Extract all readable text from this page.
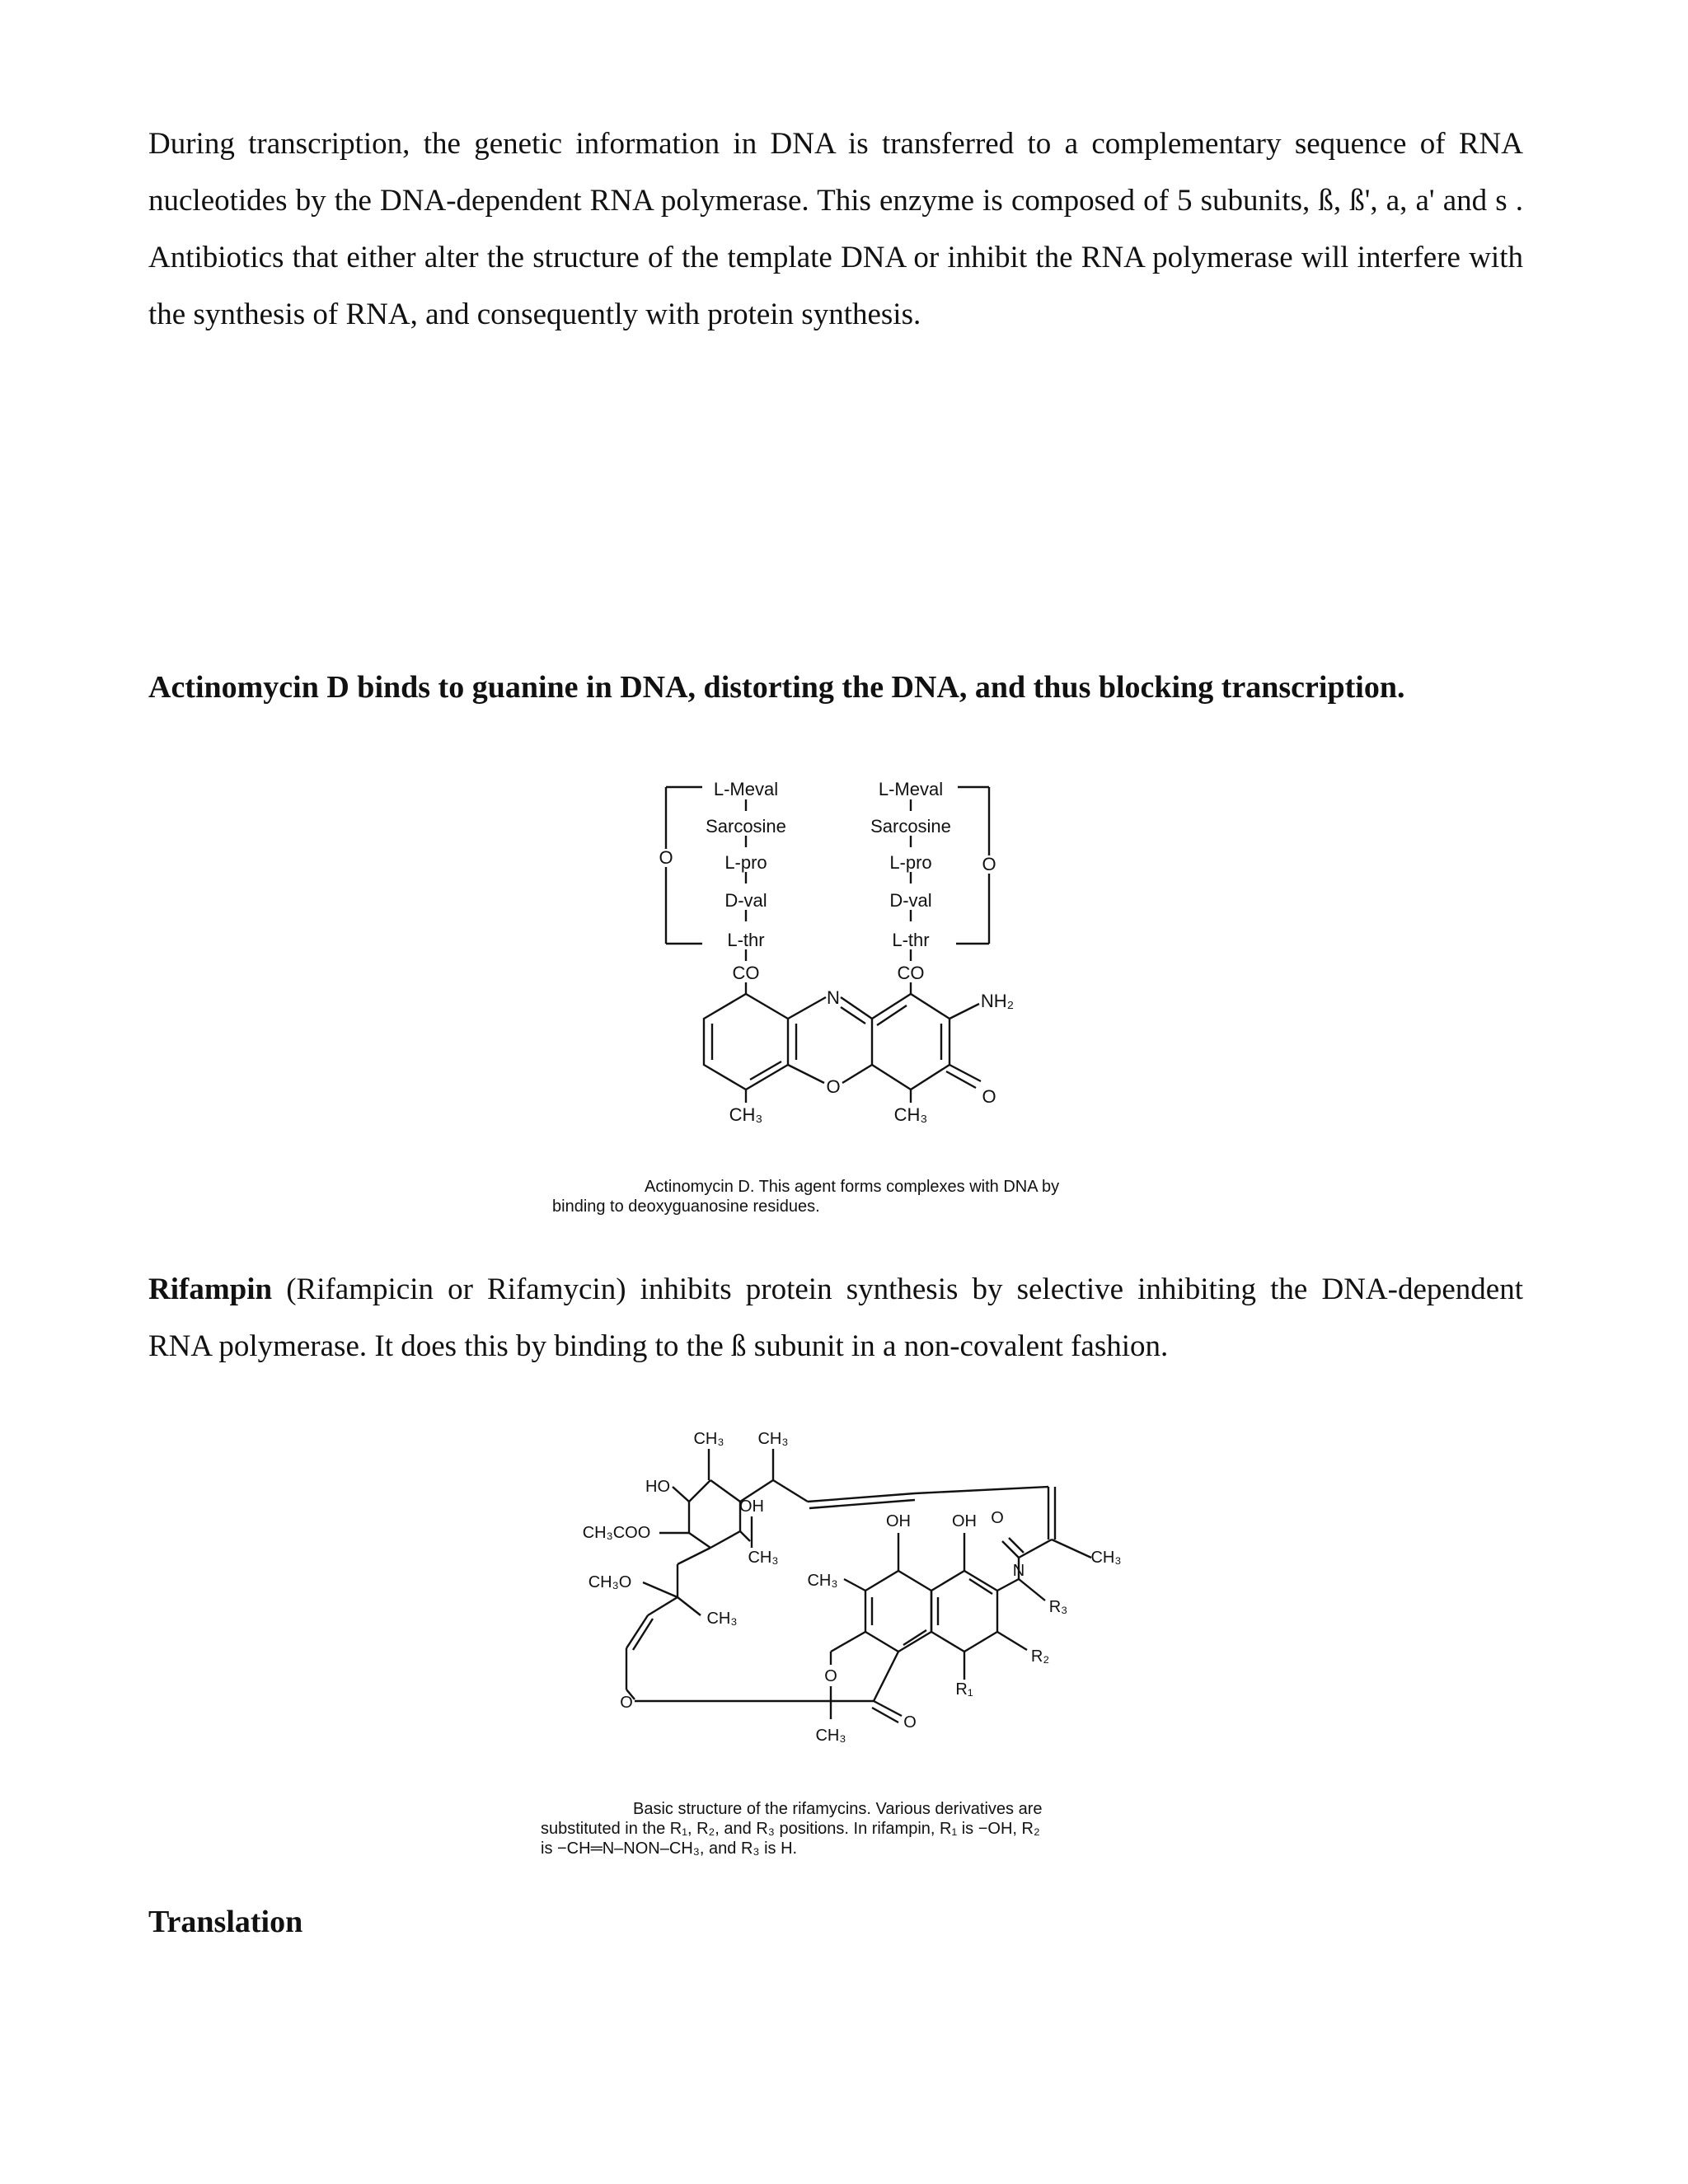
During transcription, the genetic information in DNA is transferred to a complementary sequence of RNA nucleotides by the DNA-dependent RNA polymerase. This enzyme is composed of 5 subunits, ß, ß', a, a' and s . Antibiotics that either alter the structure of the template DNA or inhibit the RNA polymerase will interfere with the synthesis of RNA, and consequently with protein synthesis.

Actinomycin D binds to guanine in DNA, distorting the DNA, and thus blocking transcription.
L-Meval
Sarcosine
L-pro
D-val
L-thr
CO
L-Meval
Sarcosine
L-pro
D-val
L-thr
CO
O	O
N
O
NH₂
O
CH₃	CH₃

Actinomycin D. This agent forms complexes with DNA by
binding to deoxyguanosine residues.

Rifampin (Rifampicin or Rifamycin) inhibits protein synthesis by selective inhibiting the DNA-dependent RNA polymerase. It does this by binding to the ß subunit in a non-covalent fashion.

CH₃ CH₃
HO
CH₃COO
OH
CH₃
CH₃O
CH₃
CH₃
OH	OH O
CH₃
N
R₃
R₂
R₁
O
O
O
CH₃

Basic structure of the rifamycins. Various derivatives are
substituted in the R₁, R₂, and R₃ positions. In rifampin, R₁ is −OH, R₂
is −CH═N–NON–CH₃, and R₃ is H.

Translation
